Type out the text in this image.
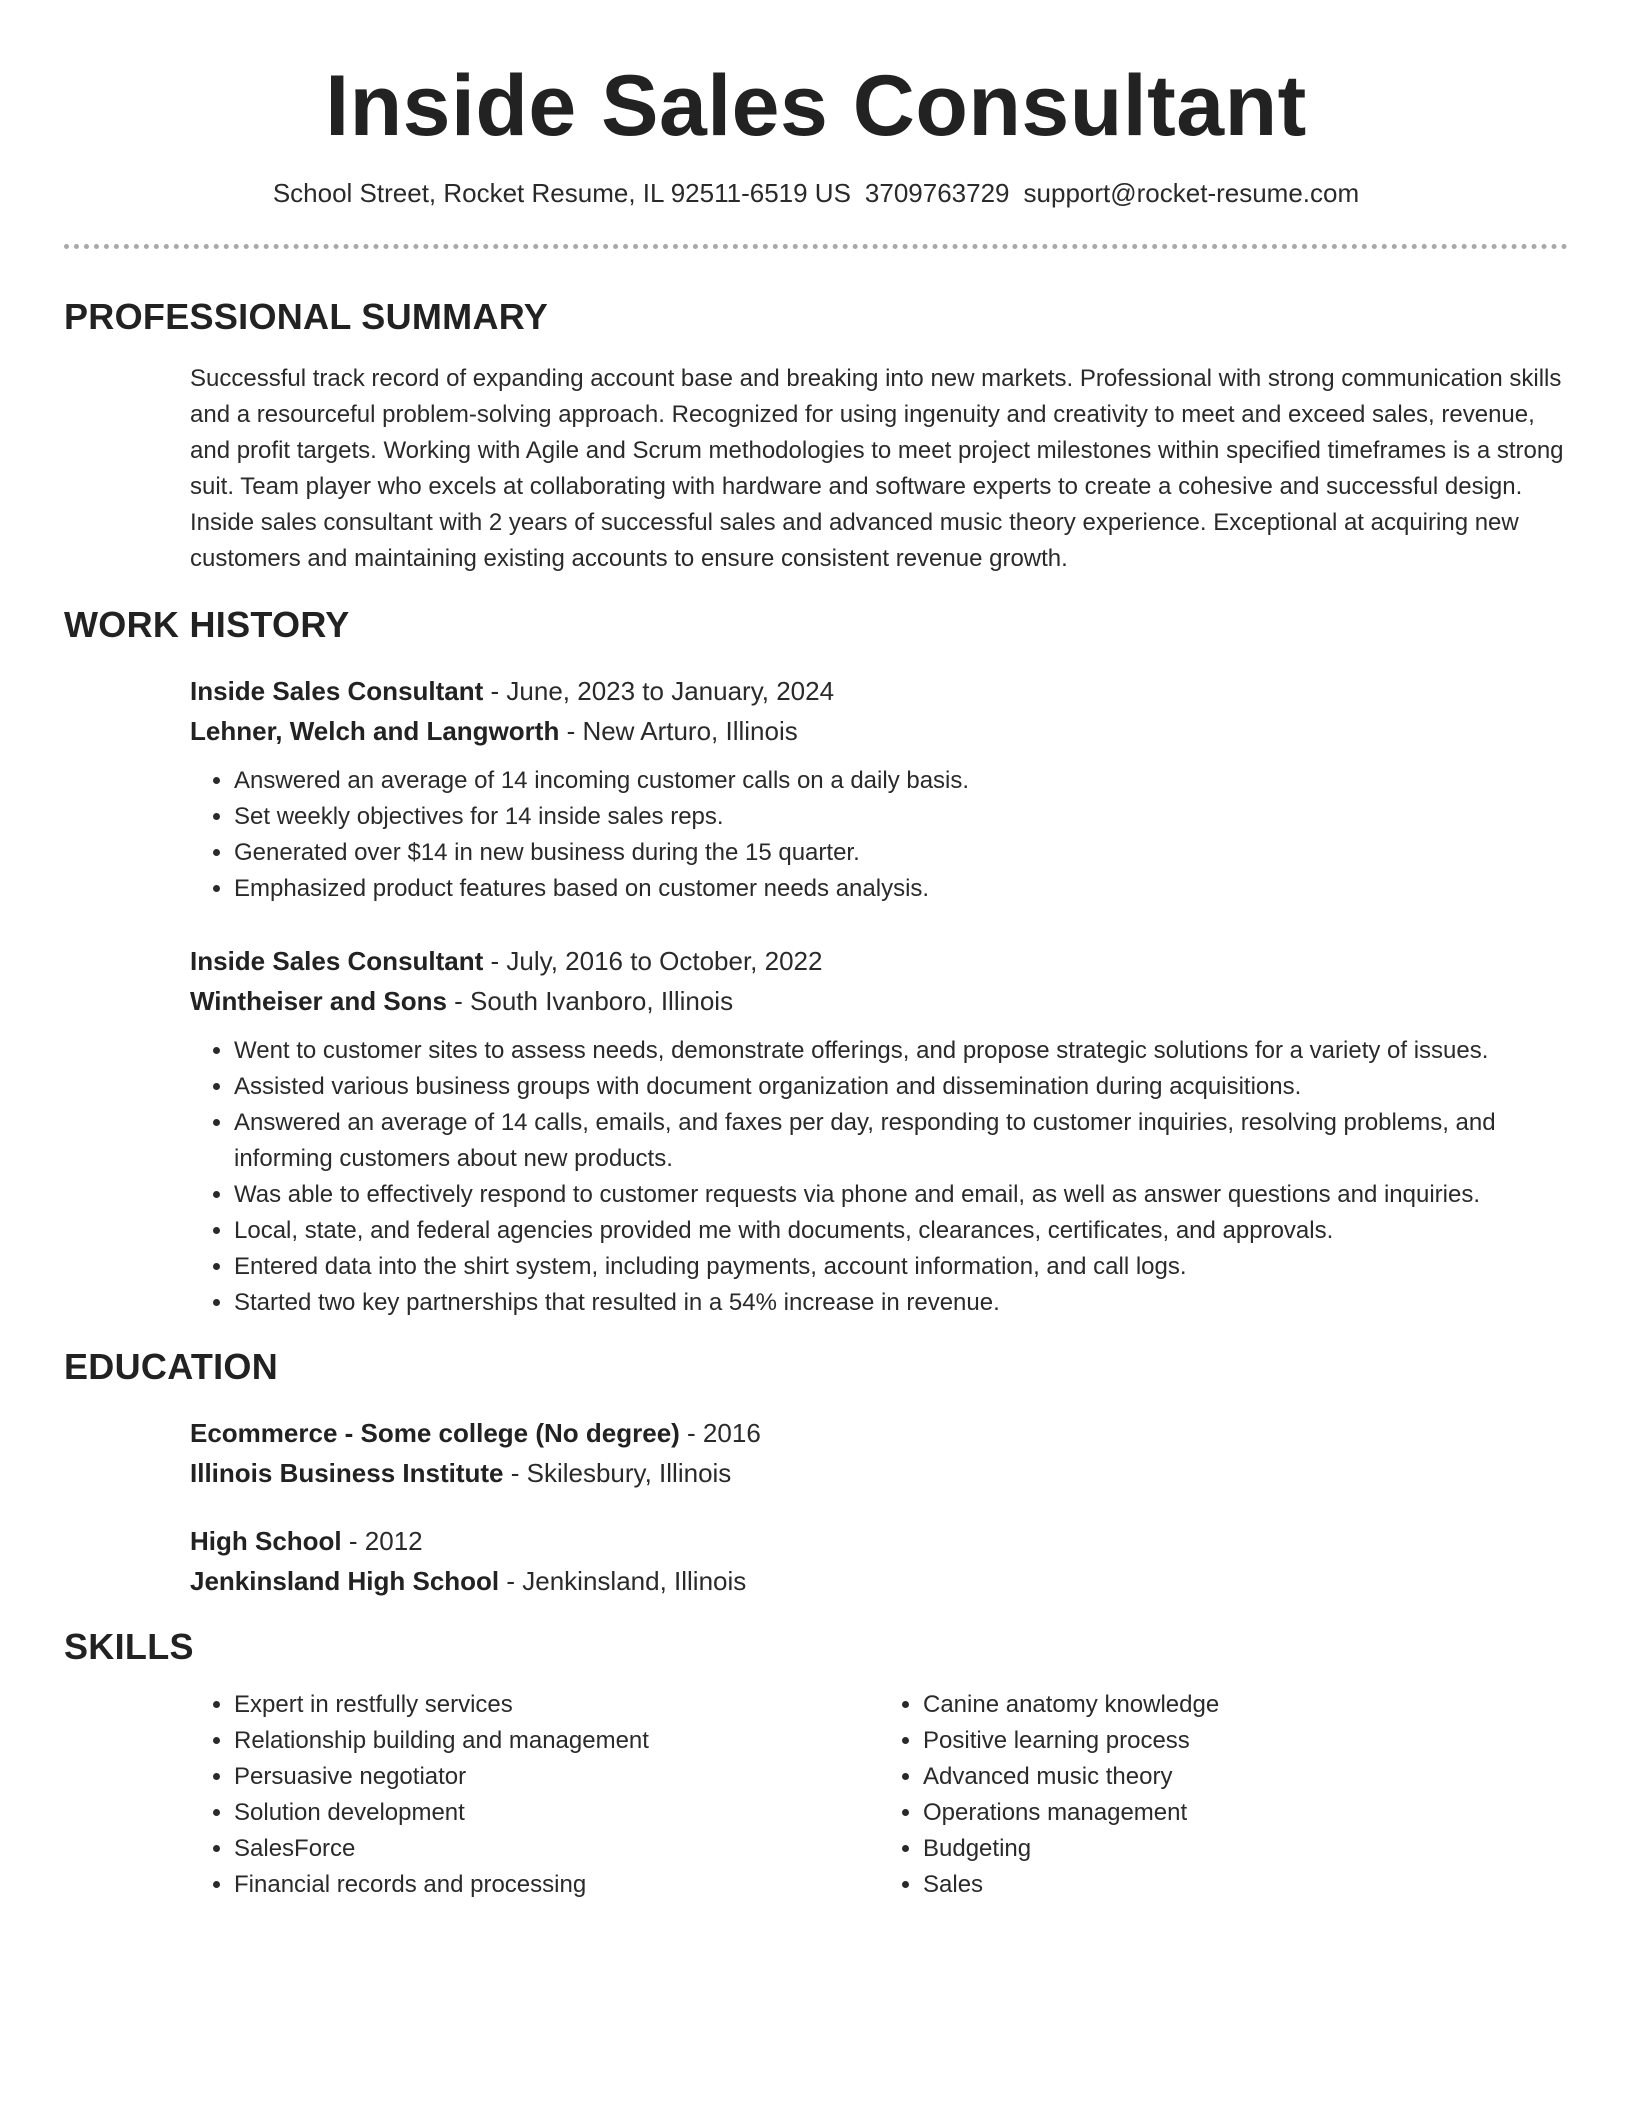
Inside Sales Consultant
School Street, Rocket Resume, IL 92511-6519 US 3709763729 support@rocket-resume.com
PROFESSIONAL SUMMARY
Successful track record of expanding account base and breaking into new markets. Professional with strong communication skills and a resourceful problem-solving approach. Recognized for using ingenuity and creativity to meet and exceed sales, revenue, and profit targets. Working with Agile and Scrum methodologies to meet project milestones within specified timeframes is a strong suit. Team player who excels at collaborating with hardware and software experts to create a cohesive and successful design. Inside sales consultant with 2 years of successful sales and advanced music theory experience. Exceptional at acquiring new customers and maintaining existing accounts to ensure consistent revenue growth.
WORK HISTORY
Inside Sales Consultant - June, 2023 to January, 2024
Lehner, Welch and Langworth - New Arturo, Illinois
• Answered an average of 14 incoming customer calls on a daily basis.
• Set weekly objectives for 14 inside sales reps.
• Generated over $14 in new business during the 15 quarter.
• Emphasized product features based on customer needs analysis.
Inside Sales Consultant - July, 2016 to October, 2022
Wintheiser and Sons - South Ivanboro, Illinois
• Went to customer sites to assess needs, demonstrate offerings, and propose strategic solutions for a variety of issues.
• Assisted various business groups with document organization and dissemination during acquisitions.
• Answered an average of 14 calls, emails, and faxes per day, responding to customer inquiries, resolving problems, and informing customers about new products.
• Was able to effectively respond to customer requests via phone and email, as well as answer questions and inquiries.
• Local, state, and federal agencies provided me with documents, clearances, certificates, and approvals.
• Entered data into the shirt system, including payments, account information, and call logs.
• Started two key partnerships that resulted in a 54% increase in revenue.
EDUCATION
Ecommerce - Some college (No degree) - 2016
Illinois Business Institute - Skilesbury, Illinois
High School - 2012
Jenkinsland High School - Jenkinsland, Illinois
SKILLS
• Expert in restfully services
• Relationship building and management
• Persuasive negotiator
• Solution development
• SalesForce
• Financial records and processing
• Canine anatomy knowledge
• Positive learning process
• Advanced music theory
• Operations management
• Budgeting
• Sales
